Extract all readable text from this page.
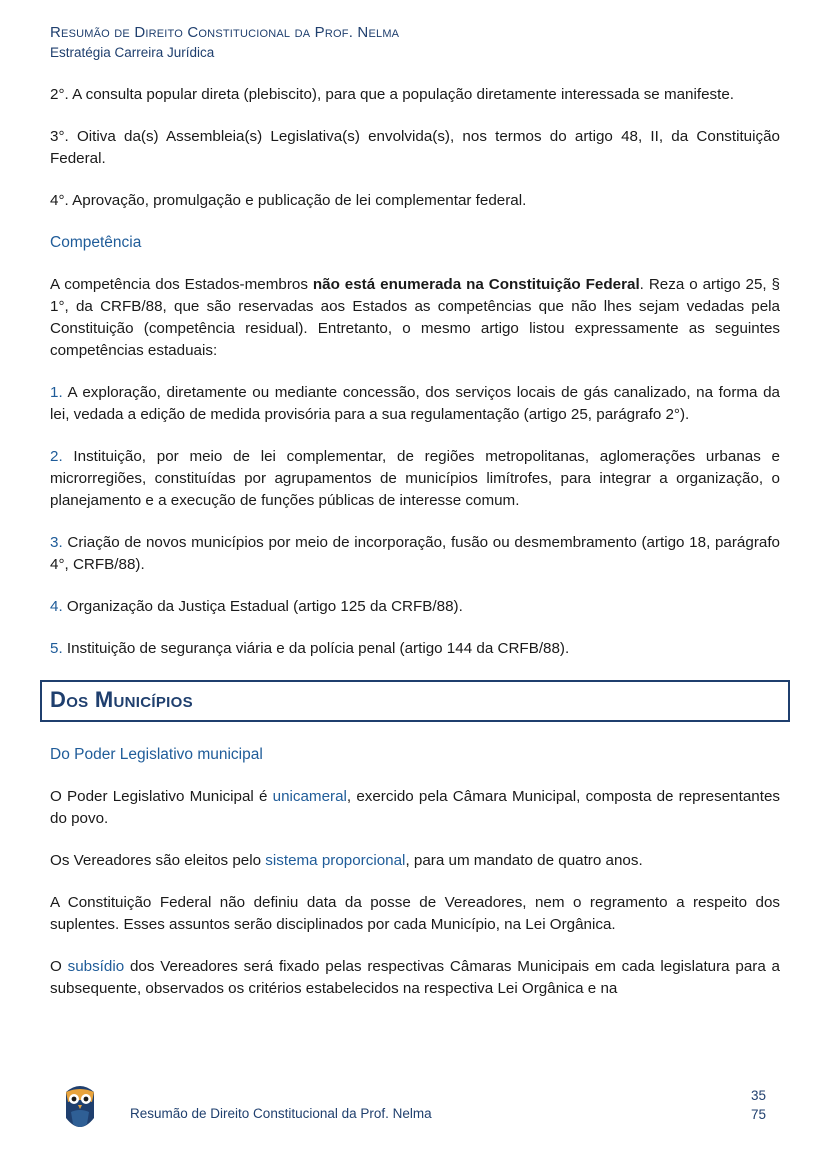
Resumão de Direito Constitucional da Prof. Nelma
Estratégia Carreira Jurídica

2°. A consulta popular direta (plebiscito), para que a população diretamente interessada se manifeste.

3°. Oitiva da(s) Assembleia(s) Legislativa(s) envolvida(s), nos termos do artigo 48, II, da Constituição Federal.

4°. Aprovação, promulgação e publicação de lei complementar federal.

Competência

A competência dos Estados-membros não está enumerada na Constituição Federal. Reza o artigo 25, § 1°, da CRFB/88, que são reservadas aos Estados as competências que não lhes sejam vedadas pela Constituição (competência residual). Entretanto, o mesmo artigo listou expressamente as seguintes competências estaduais:

1. A exploração, diretamente ou mediante concessão, dos serviços locais de gás canalizado, na forma da lei, vedada a edição de medida provisória para a sua regulamentação (artigo 25, parágrafo 2°).

2. Instituição, por meio de lei complementar, de regiões metropolitanas, aglomerações urbanas e microrregiões, constituídas por agrupamentos de municípios limítrofes, para integrar a organização, o planejamento e a execução de funções públicas de interesse comum.

3. Criação de novos municípios por meio de incorporação, fusão ou desmembramento (artigo 18, parágrafo 4°, CRFB/88).

4. Organização da Justiça Estadual (artigo 125 da CRFB/88).

5. Instituição de segurança viária e da polícia penal (artigo 144 da CRFB/88).

Dos Municípios
Do Poder Legislativo municipal

O Poder Legislativo Municipal é unicameral, exercido pela Câmara Municipal, composta de representantes do povo.

Os Vereadores são eleitos pelo sistema proporcional, para um mandato de quatro anos.

A Constituição Federal não definiu data da posse de Vereadores, nem o regramento a respeito dos suplentes. Esses assuntos serão disciplinados por cada Município, na Lei Orgânica.

O subsídio dos Vereadores será fixado pelas respectivas Câmaras Municipais em cada legislatura para a subsequente, observados os critérios estabelecidos na respectiva Lei Orgânica e na

Resumão de Direito Constitucional da Prof. Nelma
35
75
